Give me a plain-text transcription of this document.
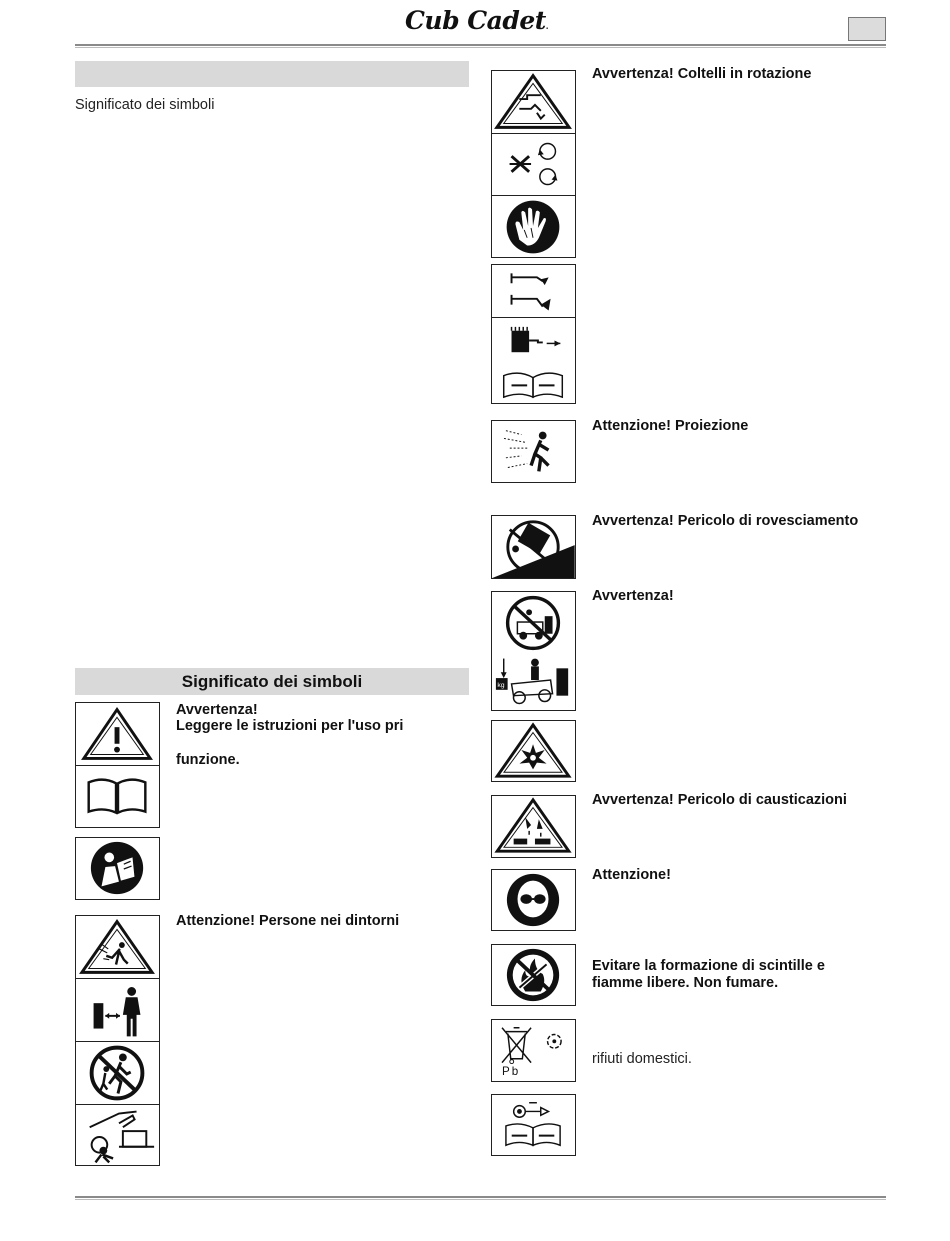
Cub Cadet.
Significato dei simboli
Significato dei simboli
Avvertenza!
Leggere le istruzioni per l'uso pri
funzione.
Attenzione! Persone nei dintorni
Avvertenza! Coltelli in rotazione
Attenzione! Proiezione
Avvertenza! Pericolo di rovesciamento
kg
Avvertenza!
Avvertenza! Pericolo di causticazioni
Attenzione!
Evitare la formazione di scintille e
fiamme libere. Non fumare.
Pb
rifiuti domestici.
